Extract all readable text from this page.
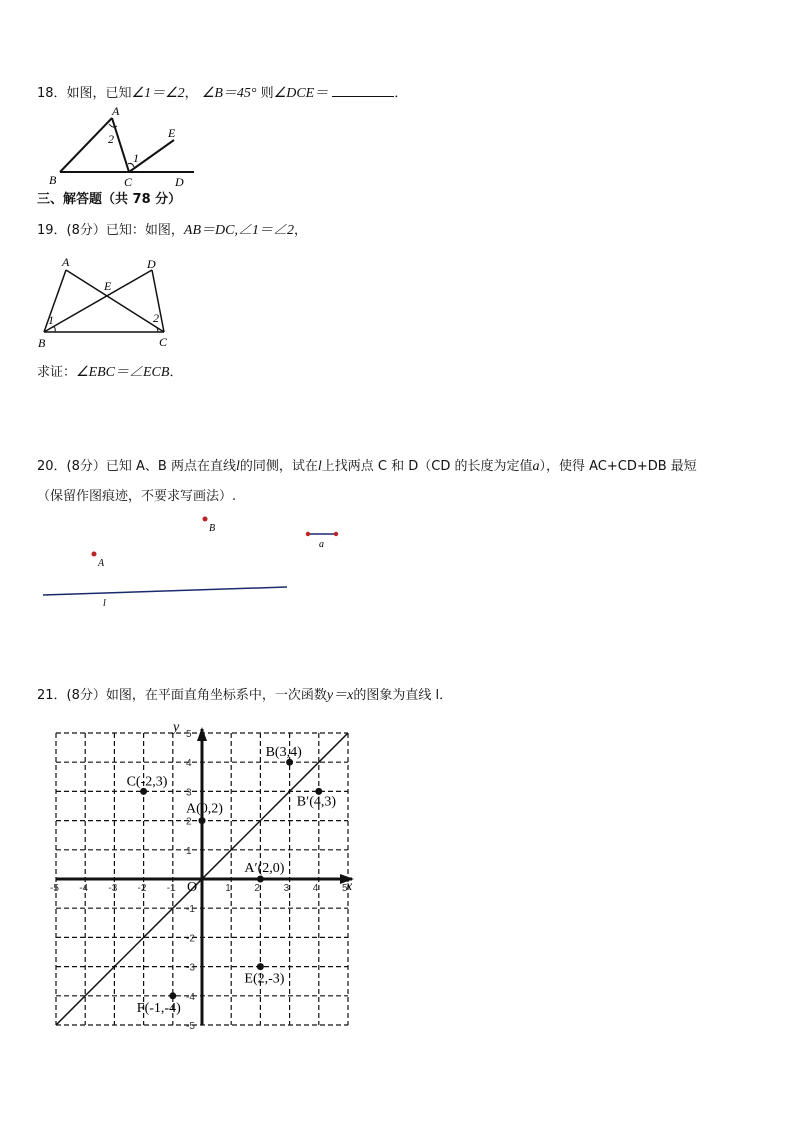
18．如图，已知∠1＝∠2， ∠B＝45° 则∠DCE＝	．
A
B	C	D
E
2
1
三、解答题（共 78 分）
19．(8分）已知：如图，AB＝DC,∠1＝∠2，
A	D
E
B	C
1	2
求证：∠EBC＝∠ECB．
20．(8分）已知 A、B 两点在直线l的同侧，试在l上找两点 C 和 D（CD 的长度为定值a），使得 AC+CD+DB 最短
（保留作图痕迹，不要求写画法）.
B
A
a
l
21．(8分）如图，在平面直角坐标系中，一次函数y＝x的图象为直线 l．
x
y
O
-5 -4 -3 -2 -1	1 2 3 4 5
5
4
3
2
1
-1
-2
-3
-4
-5
B(3,4)
C(-2,3)
B′(4,3)
A(0,2)
A′(2,0)
E(2,-3)
F(-1,-4)
